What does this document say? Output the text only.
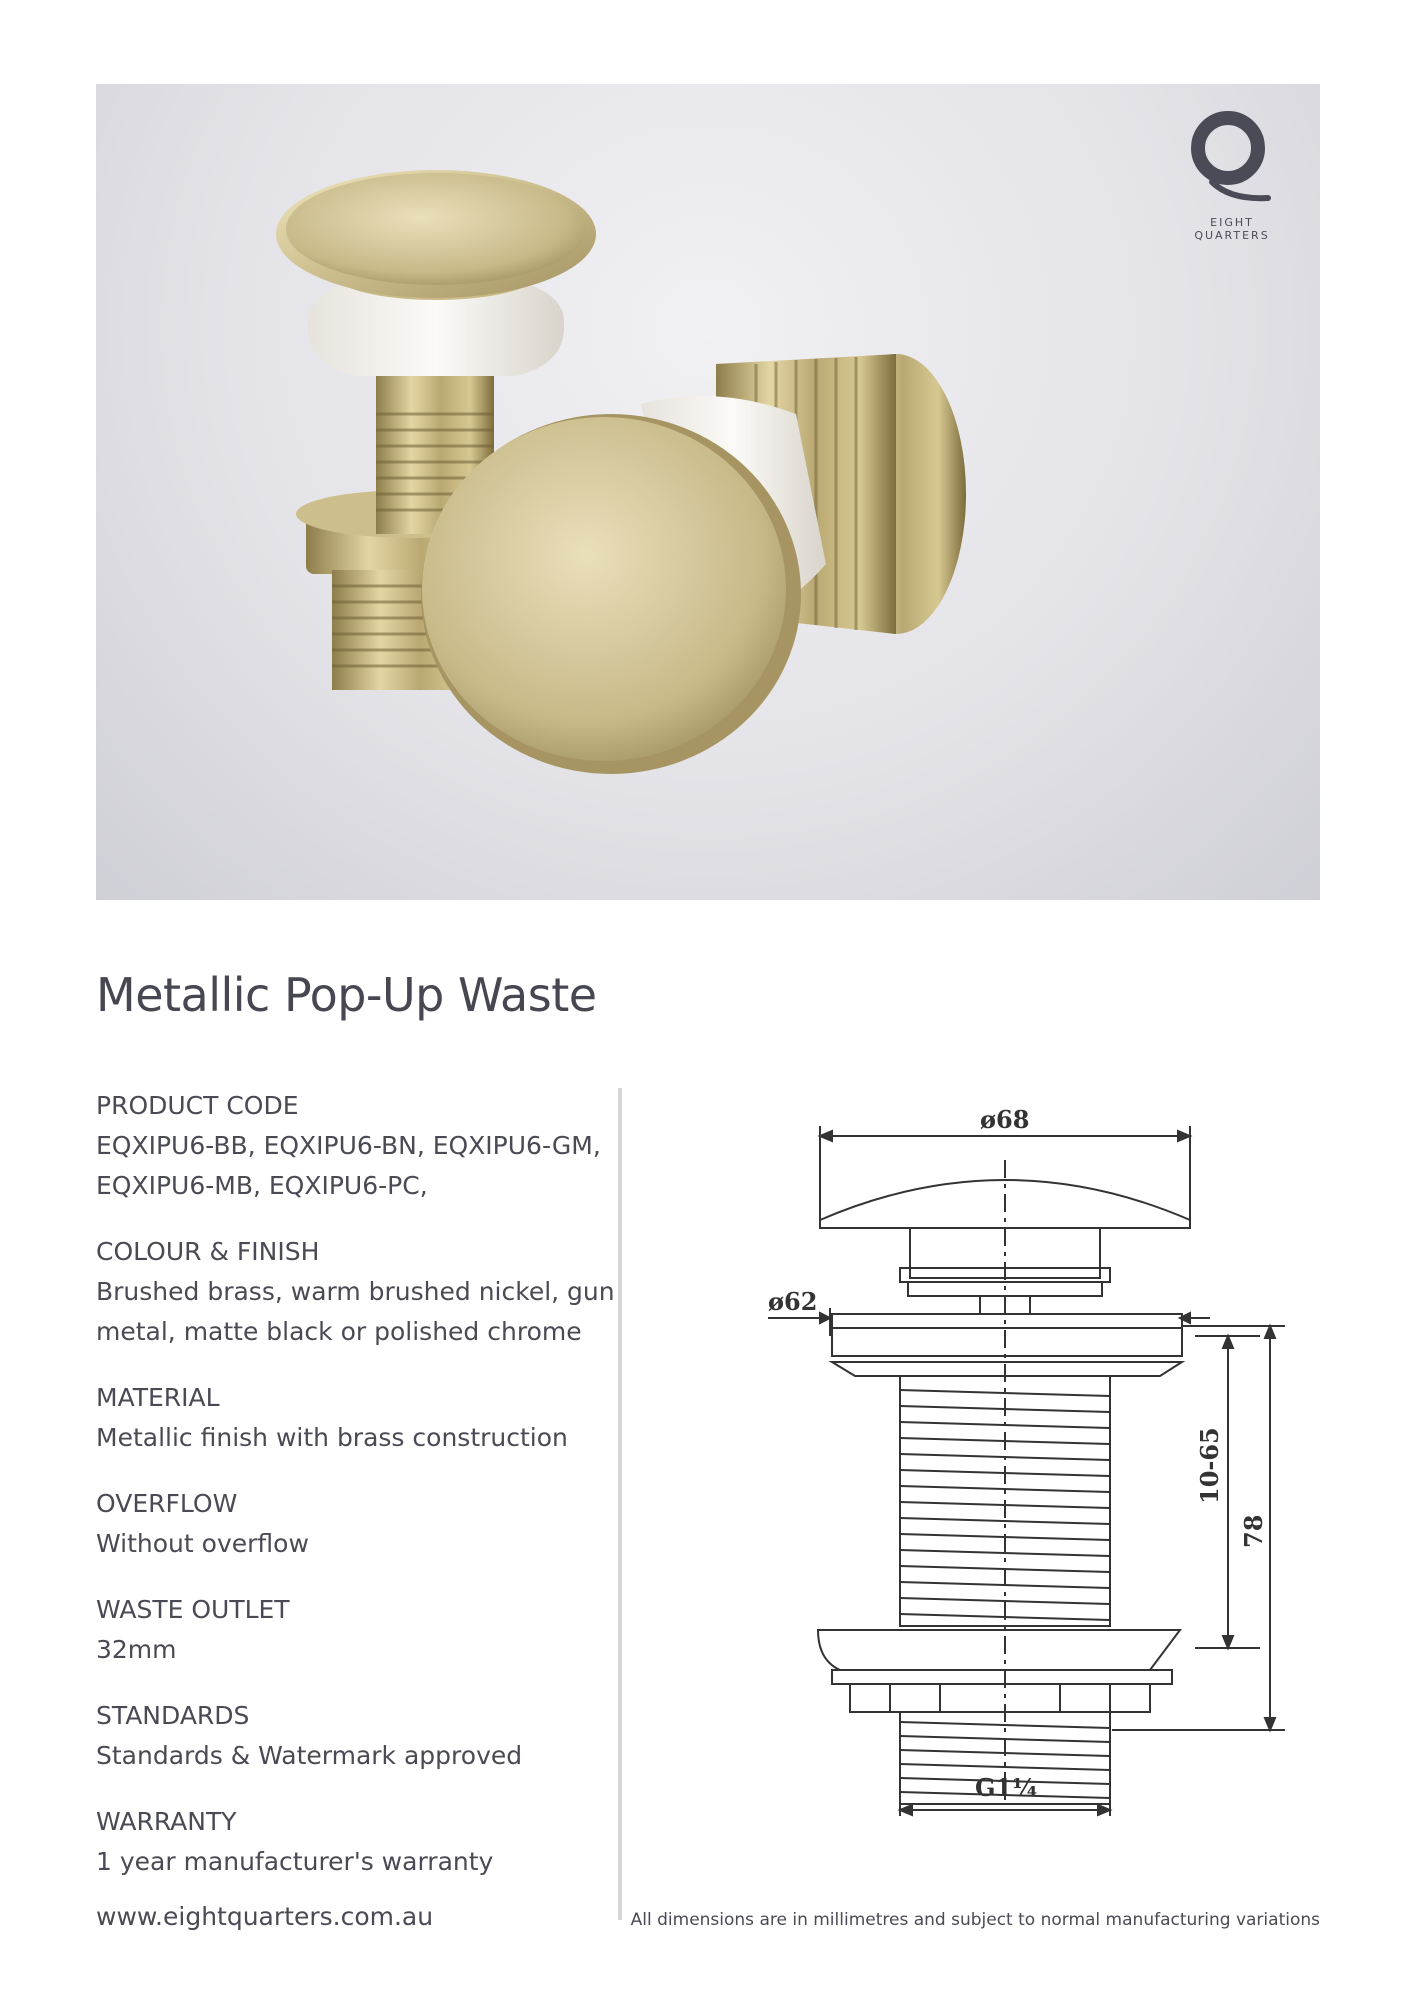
EIGHT QUARTERS
Metallic Pop-Up Waste
PRODUCT CODE
EQXIPU6-BB, EQXIPU6-BN, EQXIPU6-GM, EQXIPU6-MB, EQXIPU6-PC,
COLOUR & FINISH
Brushed brass, warm brushed nickel, gun metal, matte black or polished chrome
MATERIAL
Metallic finish with brass construction
OVERFLOW
Without overflow
WASTE OUTLET
32mm
STANDARDS
Standards & Watermark approved
WARRANTY
1 year manufacturer's warranty
ø68
ø62
10-65
78
G1¼
www.eightquarters.com.au	All dimensions are in millimetres and subject to normal manufacturing variations
